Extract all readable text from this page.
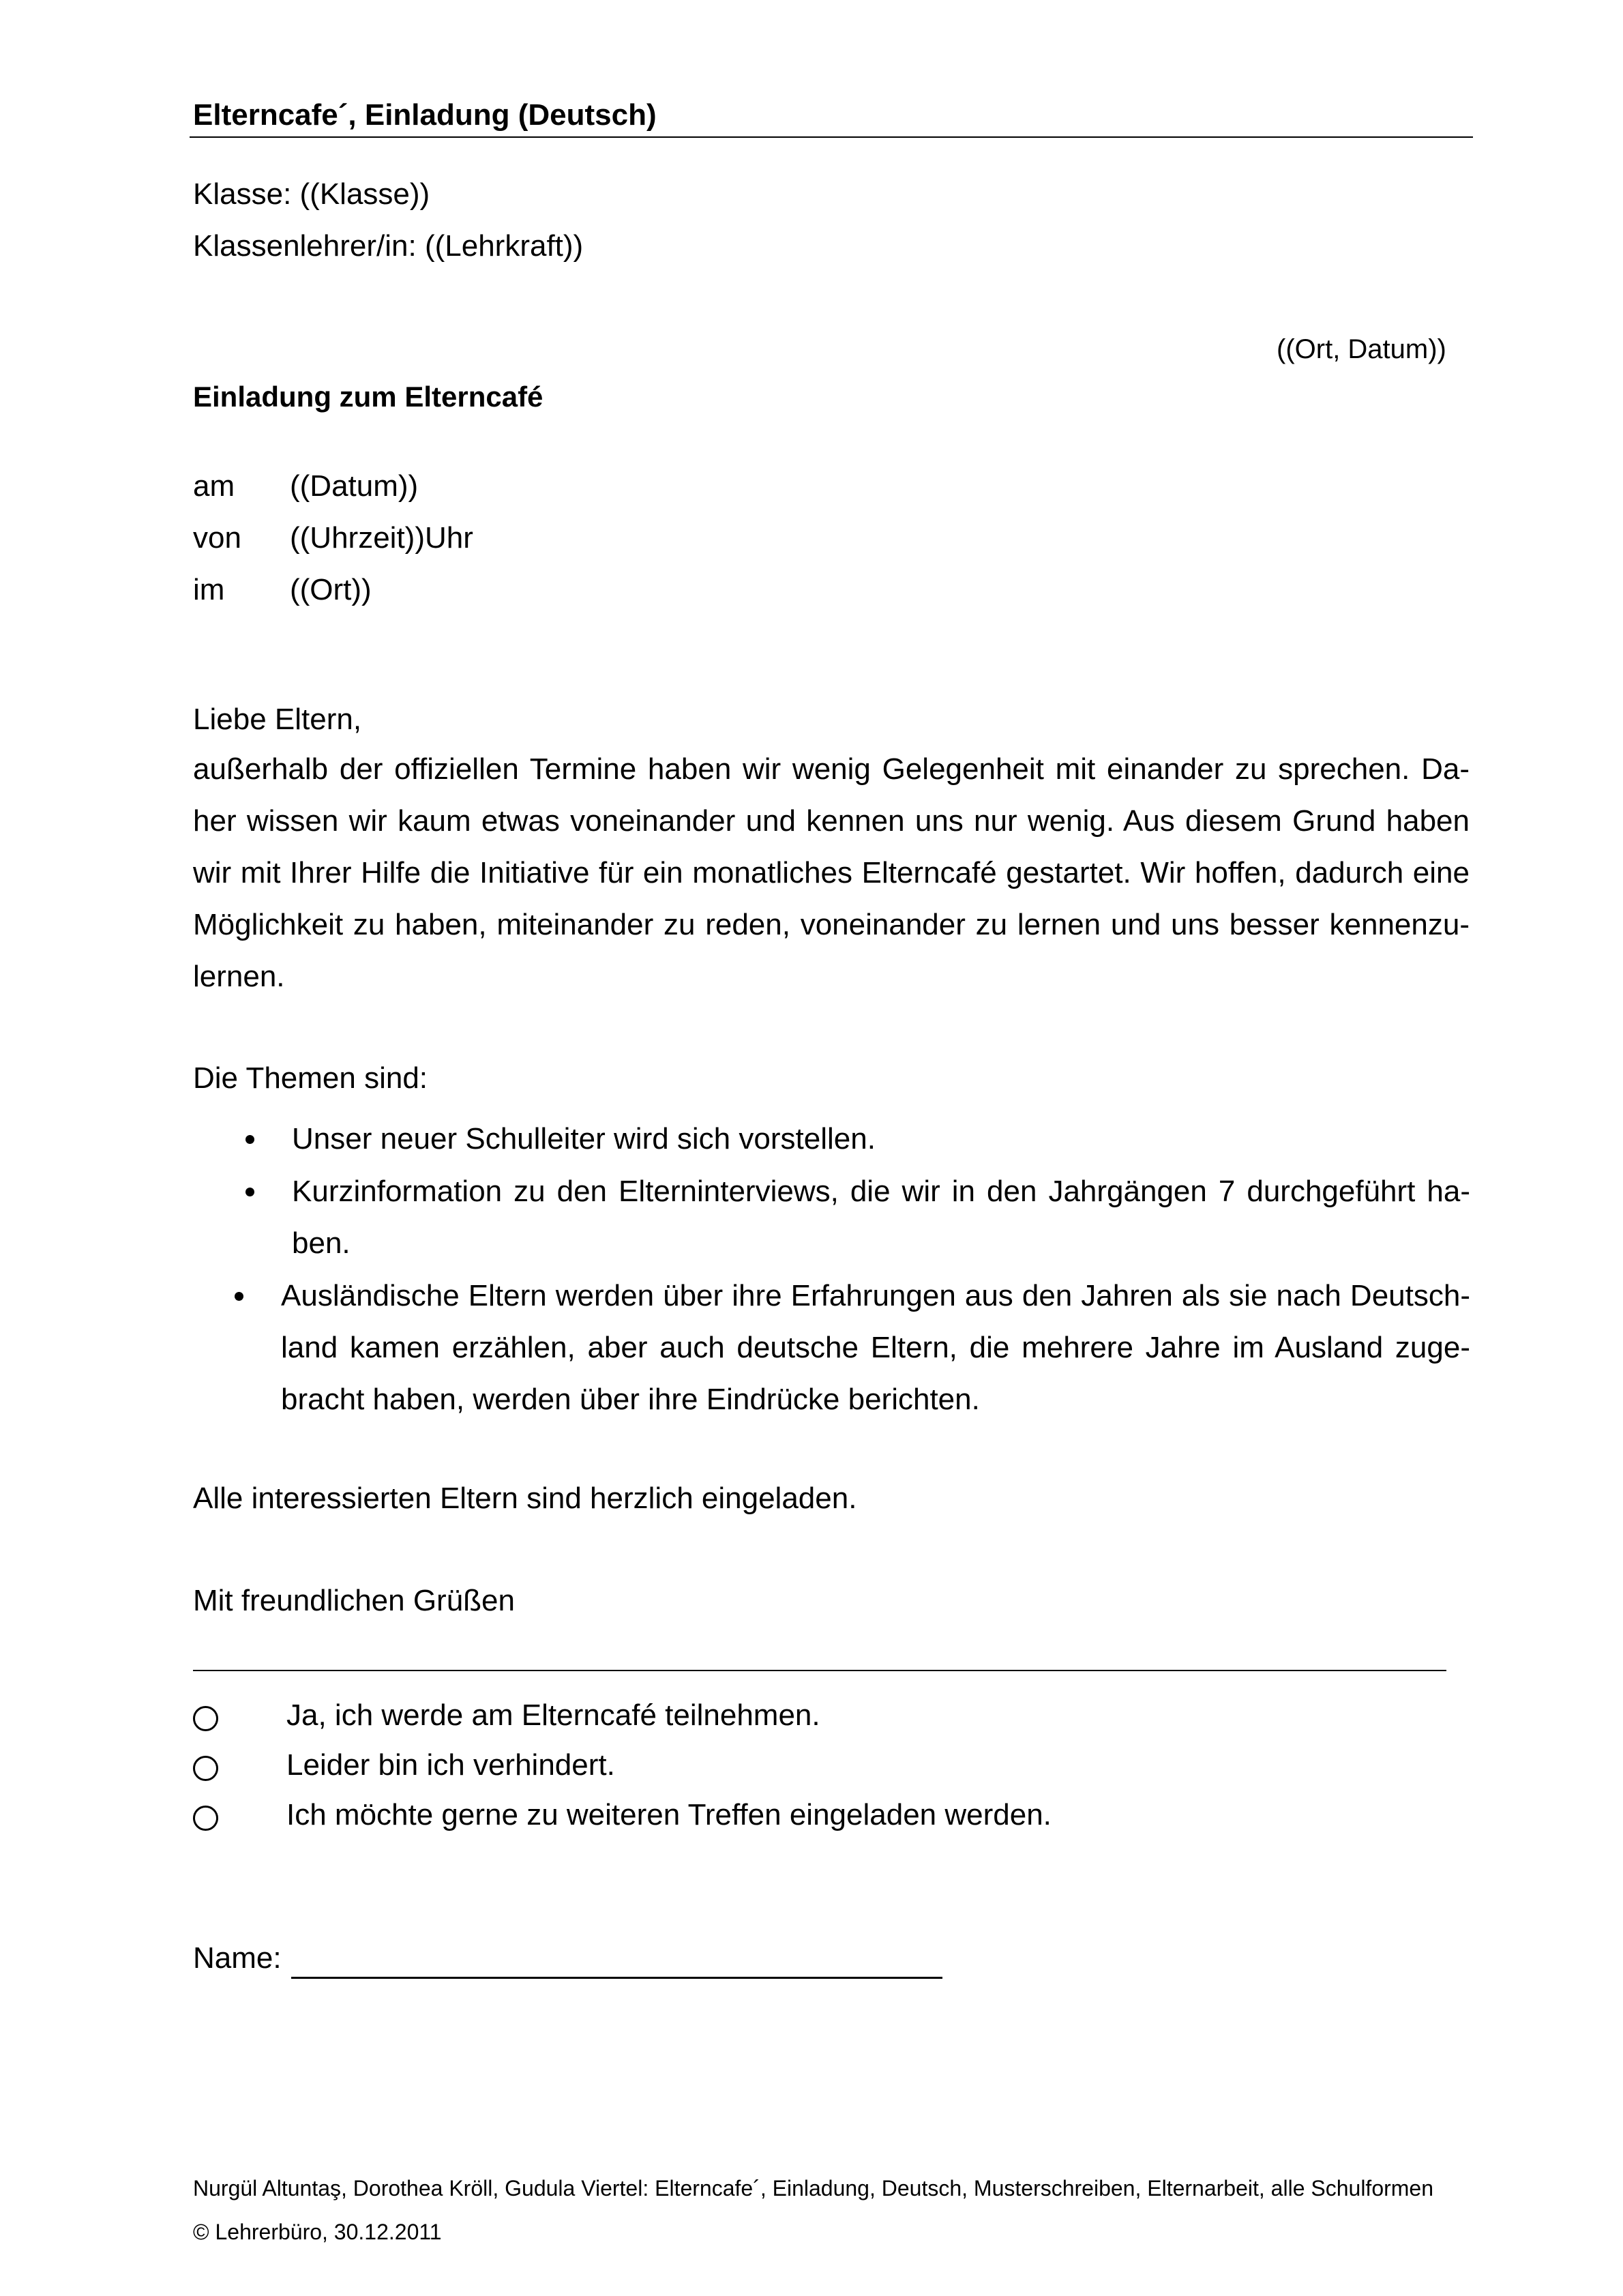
Elterncafe´, Einladung (Deutsch)
Klasse: ((Klasse))
Klassenlehrer/in: ((Lehrkraft))
((Ort, Datum))
Einladung zum Elterncafé
am ((Datum))
von ((Uhrzeit))Uhr
im ((Ort))
Liebe Eltern,
außerhalb der offiziellen Termine haben wir wenig Gelegenheit mit einander zu sprechen. Da-
her wissen wir kaum etwas voneinander und kennen uns nur wenig. Aus diesem Grund haben
wir mit Ihrer Hilfe die Initiative für ein monatliches Elterncafé gestartet. Wir hoffen, dadurch eine
Möglichkeit zu haben, miteinander zu reden, voneinander zu lernen und uns besser kennenzu-
lernen.
Die Themen sind:
Unser neuer Schulleiter wird sich vorstellen.
Kurzinformation zu den Elterninterviews, die wir in den Jahrgängen 7 durchgeführt ha-
ben.
Ausländische Eltern werden über ihre Erfahrungen aus den Jahren als sie nach Deutsch-
land kamen erzählen, aber auch deutsche Eltern, die mehrere Jahre im Ausland zuge-
bracht haben, werden über ihre Eindrücke berichten.
Alle interessierten Eltern sind herzlich eingeladen.
Mit freundlichen Grüßen
Ja, ich werde am Elterncafé teilnehmen.
Leider bin ich verhindert.
Ich möchte gerne zu weiteren Treffen eingeladen werden.
Name:
Nurgül Altuntaş, Dorothea Kröll, Gudula Viertel: Elterncafe´, Einladung, Deutsch, Musterschreiben, Elternarbeit, alle Schulformen
© Lehrerbüro, 30.12.2011
